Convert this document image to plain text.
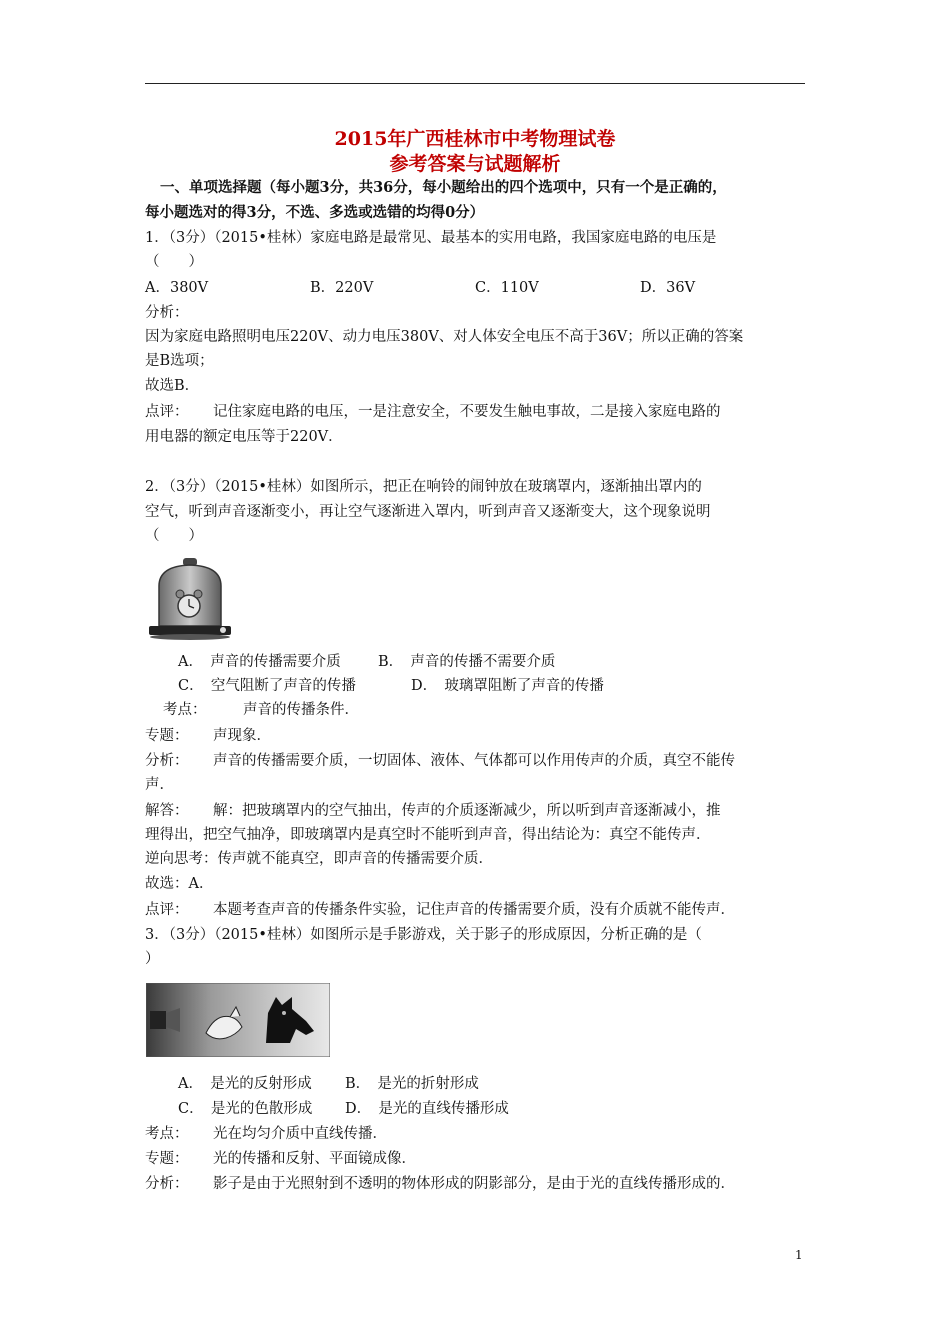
2015年广西桂林市中考物理试卷
参考答案与试题解析
一、单项选择题（每小题3分，共36分，每小题给出的四个选项中，只有一个是正确的，
每小题选对的得3分，不选、多选或选错的均得0分）
1．（3分）（2015•桂林）家庭电路是最常见、最基本的实用电路，我国家庭电路的电压是
（　　）
A．380V	B．220V	C．110V	D．36V
分析：
因为家庭电路照明电压220V、动力电压380V、对人体安全电压不高于36V；所以正确的答案
是B选项；
故选B．
点评： 记住家庭电路的电压，一是注意安全，不要发生触电事故，二是接入家庭电路的
用电器的额定电压等于220V．
2．（3分）（2015•桂林）如图所示，把正在响铃的闹钟放在玻璃罩内，逐渐抽出罩内的
空气，听到声音逐渐变小，再让空气逐渐进入罩内，听到声音又逐渐变大，这个现象说明
（　　）
A．　声音的传播需要介质	B．　声音的传播不需要介质
C．　空气阻断了声音的传播	D．　玻璃罩阻断了声音的传播
考点：	声音的传播条件．
专题： 声现象．
分析： 声音的传播需要介质，一切固体、液体、气体都可以作用传声的介质，真空不能传
声．
解答： 解：把玻璃罩内的空气抽出，传声的介质逐渐减少，所以听到声音逐渐减小，推
理得出，把空气抽净，即玻璃罩内是真空时不能听到声音，得出结论为：真空不能传声．
逆向思考：传声就不能真空，即声音的传播需要介质．
故选：A．
点评： 本题考查声音的传播条件实验，记住声音的传播需要介质，没有介质就不能传声．
3．（3分）（2015•桂林）如图所示是手影游戏，关于影子的形成原因，分析正确的是（
）
A．　是光的反射形成 B．　是光的折射形成
C．　是光的色散形成 D．　是光的直线传播形成
考点： 光在均匀介质中直线传播．
专题： 光的传播和反射、平面镜成像．
分析： 影子是由于光照射到不透明的物体形成的阴影部分，是由于光的直线传播形成的．
1
